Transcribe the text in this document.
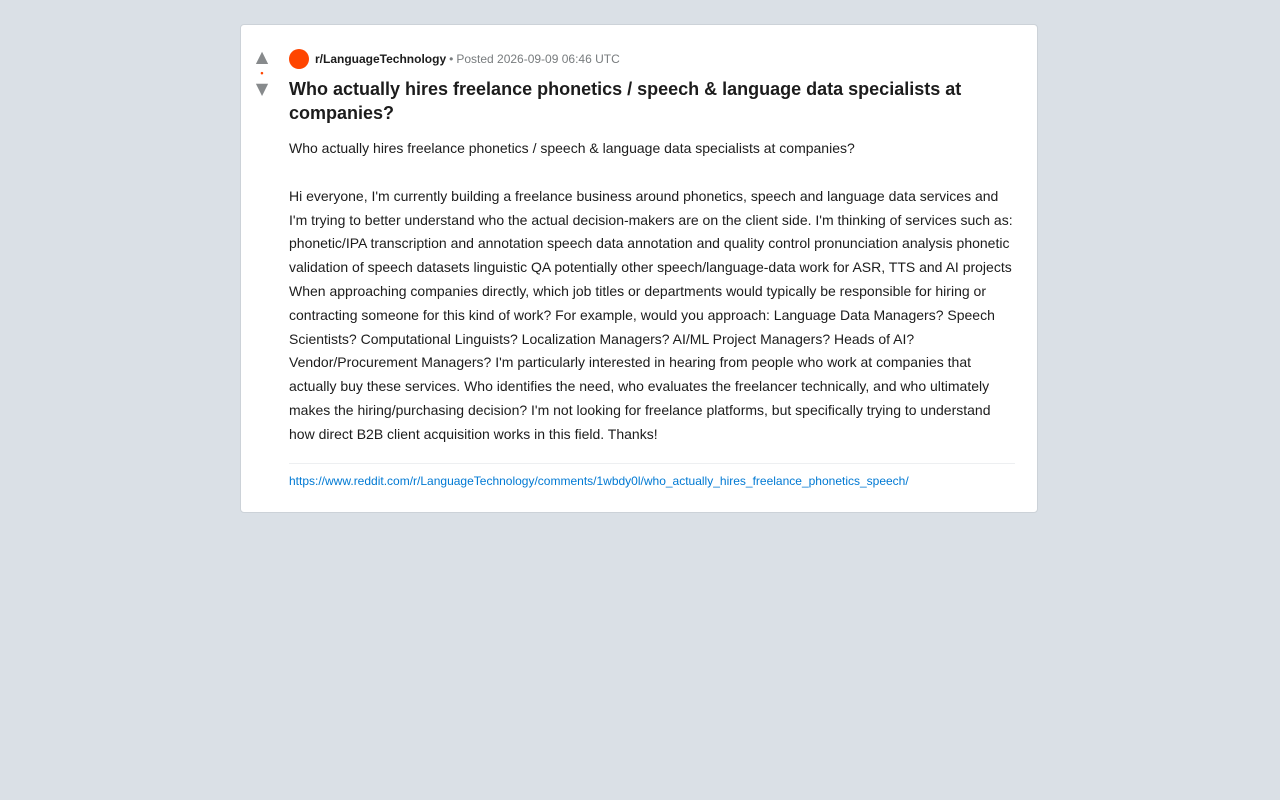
▲
•
▼
r/LanguageTechnology • Posted 2026-09-09 06:46 UTC
Who actually hires freelance phonetics / speech & language data specialists at companies?

Who actually hires freelance phonetics / speech & language data specialists at companies?

Hi everyone, I'm currently building a freelance business around phonetics, speech and language data services and I'm trying to better understand who the actual decision-makers are on the client side. I'm thinking of services such as: phonetic/IPA transcription and annotation speech data annotation and quality control pronunciation analysis phonetic validation of speech datasets linguistic QA potentially other speech/language-data work for ASR, TTS and AI projects When approaching companies directly, which job titles or departments would typically be responsible for hiring or contracting someone for this kind of work? For example, would you approach: Language Data Managers? Speech Scientists? Computational Linguists? Localization Managers? AI/ML Project Managers? Heads of AI? Vendor/Procurement Managers? I'm particularly interested in hearing from people who work at companies that actually buy these services. Who identifies the need, who evaluates the freelancer technically, and who ultimately makes the hiring/purchasing decision? I'm not looking for freelance platforms, but specifically trying to understand how direct B2B client acquisition works in this field. Thanks!

https://www.reddit.com/r/LanguageTechnology/comments/1wbdy0l/who_actually_hires_freelance_phonetics_speech/
